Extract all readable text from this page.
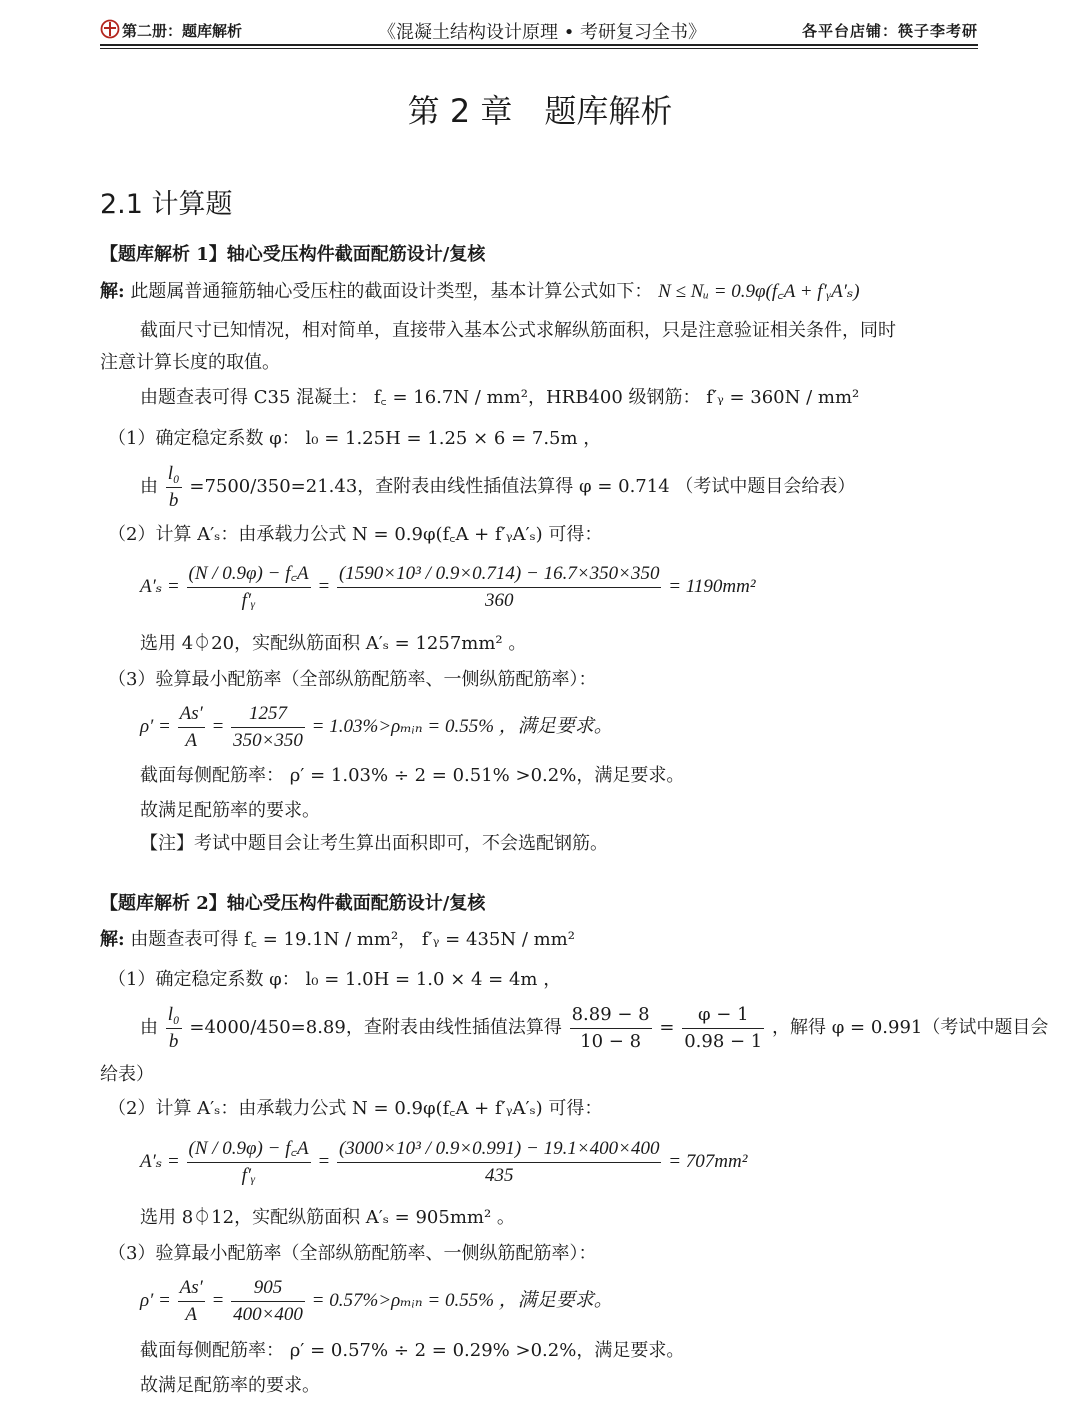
第二册：题库解析	《混凝土结构设计原理 • 考研复习全书》	各平台店铺：筷子李考研
第 2 章　题库解析
2.1 计算题
【题库解析 1】轴心受压构件截面配筋设计/复核
解: 此题属普通箍筋轴心受压柱的截面设计类型，基本计算公式如下： N ≤ Nᵤ = 0.9φ(f꜀A + f′ᵧA′ₛ)
截面尺寸已知情况，相对简单，直接带入基本公式求解纵筋面积，只是注意验证相关条件，同时
注意计算长度的取值。
由题查表可得 C35 混凝土： f꜀ = 16.7N / mm²，HRB400 级钢筋： f′ᵧ = 360N / mm²
（1）确定稳定系数 φ： l₀ = 1.25H = 1.25 × 6 = 7.5m ，
由 $\frac{\text{l₀}}{b} =7500/350=21.43$，查附表由线性插值法算得 φ = 0.714 （考试中题目会给表）
（2）计算 A′ₛ：由承载力公式 N = 0.9φ(f꜀A + f′ᵧA′ₛ) 可得：
$A'_s = \frac{(N / 0.9\varphi) - f꜀A}{\text{f′ᵧ}} = \frac{\text{(1590×10³ / 0.9×0.714) − 16.7×350×350}}{360} = 1190mm^2$
选用 4⏀20，实配纵筋面积 A′ₛ = 1257mm² 。
（3）验算最小配筋率（全部纵筋配筋率、一侧纵筋配筋率）：
$\rho' = \frac{As'}{A} = \frac{1257}{350\times 350}$ = 1.03%>ρₘᵢₙ = 0.55% ，满足要求。
截面每侧配筋率： ρ′ = 1.03% ÷ 2 = 0.51% >0.2%，满足要求。
故满足配筋率的要求。
【注】考试中题目会让考生算出面积即可，不会选配钢筋。
【题库解析 2】轴心受压构件截面配筋设计/复核
解: 由题查表可得 f꜀ = 19.1N / mm²， f′ᵧ = 435N / mm²
（1）确定稳定系数 φ： l₀ = 1.0H = 1.0 × 4 = 4m ，
由 $\frac{\text{l₀}}{b} =4000/450=8.89$，查附表由线性插值法算得 $\frac{8.89 - 8}{10 - 8} = \frac{\varphi - 1}{0.98 - 1}$ ，解得 φ = 0.991（考试中题目会
给表）
（2）计算 A′ₛ：由承载力公式 N = 0.9φ(f꜀A + f′ᵧA′ₛ) 可得：
$A'_s = \frac{(N / 0.9\varphi) - f꜀A}{\text{f′ᵧ}} = \frac{\text{(3000×10³ / 0.9×0.991) − 19.1×400×400}}{435} = 707mm^2$
选用 8⏀12，实配纵筋面积 A′ₛ = 905mm² 。
（3）验算最小配筋率（全部纵筋配筋率、一侧纵筋配筋率）：
$\rho' = \frac{As'}{A} = \frac{905}{400\times 400}$ = 0.57%>ρₘᵢₙ = 0.55% ，满足要求。
截面每侧配筋率： ρ′ = 0.57% ÷ 2 = 0.29% >0.2%，满足要求。
故满足配筋率的要求。
